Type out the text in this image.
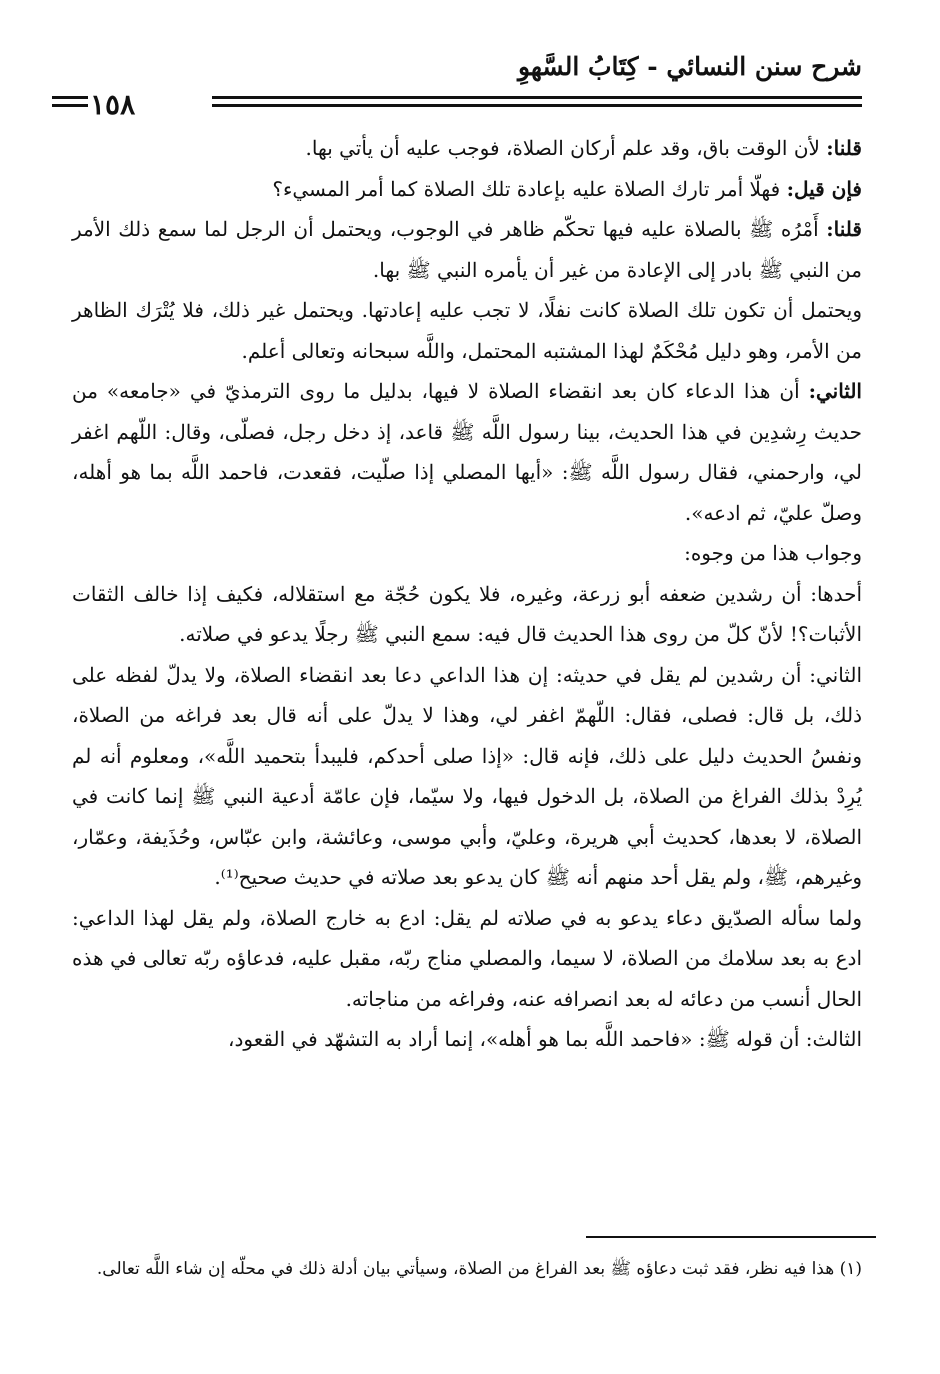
شرح سنن النسائي - كِتَابُ السَّهوِ
١٥٨

قلنا: لأن الوقت باق، وقد علم أركان الصلاة، فوجب عليه أن يأتي بها.

فإن قيل: فهلّا أمر تارك الصلاة عليه بإعادة تلك الصلاة كما أمر المسيء؟

قلنا: أَمْرُه ﷺ بالصلاة عليه فيها تحكّم ظاهر في الوجوب، ويحتمل أن الرجل لما سمع ذلك الأمر من النبي ﷺ بادر إلى الإعادة من غير أن يأمره النبي ﷺ بها.

ويحتمل أن تكون تلك الصلاة كانت نفلًا، لا تجب عليه إعادتها. ويحتمل غير ذلك، فلا يُتْرَك الظاهر من الأمر، وهو دليل مُحْكَمٌ لهذا المشتبه المحتمل، واللَّه سبحانه وتعالى أعلم.

الثاني: أن هذا الدعاء كان بعد انقضاء الصلاة لا فيها، بدليل ما روى الترمذيّ في «جامعه» من حديث رِشدِين في هذا الحديث، بينا رسول اللَّه ﷺ قاعد، إذ دخل رجل، فصلّى، وقال: اللّهم اغفر لي، وارحمني، فقال رسول اللَّه ﷺ: «أيها المصلي إذا صلّيت، فقعدت، فاحمد اللَّه بما هو أهله، وصلّ عليّ، ثم ادعه».

وجواب هذا من وجوه:

أحدها: أن رشدين ضعفه أبو زرعة، وغيره، فلا يكون حُجّة مع استقلاله، فكيف إذا خالف الثقات الأثبات؟! لأنّ كلّ من روى هذا الحديث قال فيه: سمع النبي ﷺ رجلًا يدعو في صلاته.

الثاني: أن رشدين لم يقل في حديثه: إن هذا الداعي دعا بعد انقضاء الصلاة، ولا يدلّ لفظه على ذلك، بل قال: فصلى، فقال: اللّهمّ اغفر لي، وهذا لا يدلّ على أنه قال بعد فراغه من الصلاة، ونفسُ الحديث دليل على ذلك، فإنه قال: «إذا صلى أحدكم، فليبدأ بتحميد اللَّه»، ومعلوم أنه لم يُرِدْ بذلك الفراغ من الصلاة، بل الدخول فيها، ولا سيّما، فإن عامّة أدعية النبي ﷺ إنما كانت في الصلاة، لا بعدها، كحديث أبي هريرة، وعليّ، وأبي موسى، وعائشة، وابن عبّاس، وحُذَيفة، وعمّار، وغيرهم، ﷺ، ولم يقل أحد منهم أنه ﷺ كان يدعو بعد صلاته في حديث صحيح⁽¹⁾.

ولما سأله الصدّيق دعاء يدعو به في صلاته لم يقل: ادع به خارج الصلاة، ولم يقل لهذا الداعي: ادع به بعد سلامك من الصلاة، لا سيما، والمصلي مناج ربّه، مقبل عليه، فدعاؤه ربّه تعالى في هذه الحال أنسب من دعائه له بعد انصرافه عنه، وفراغه من مناجاته.

الثالث: أن قوله ﷺ: «فاحمد اللَّه بما هو أهله»، إنما أراد به التشهّد في القعود،

(١) هذا فيه نظر، فقد ثبت دعاؤه ﷺ بعد الفراغ من الصلاة، وسيأتي بيان أدلة ذلك في محلّه إن شاء اللَّه تعالى.
